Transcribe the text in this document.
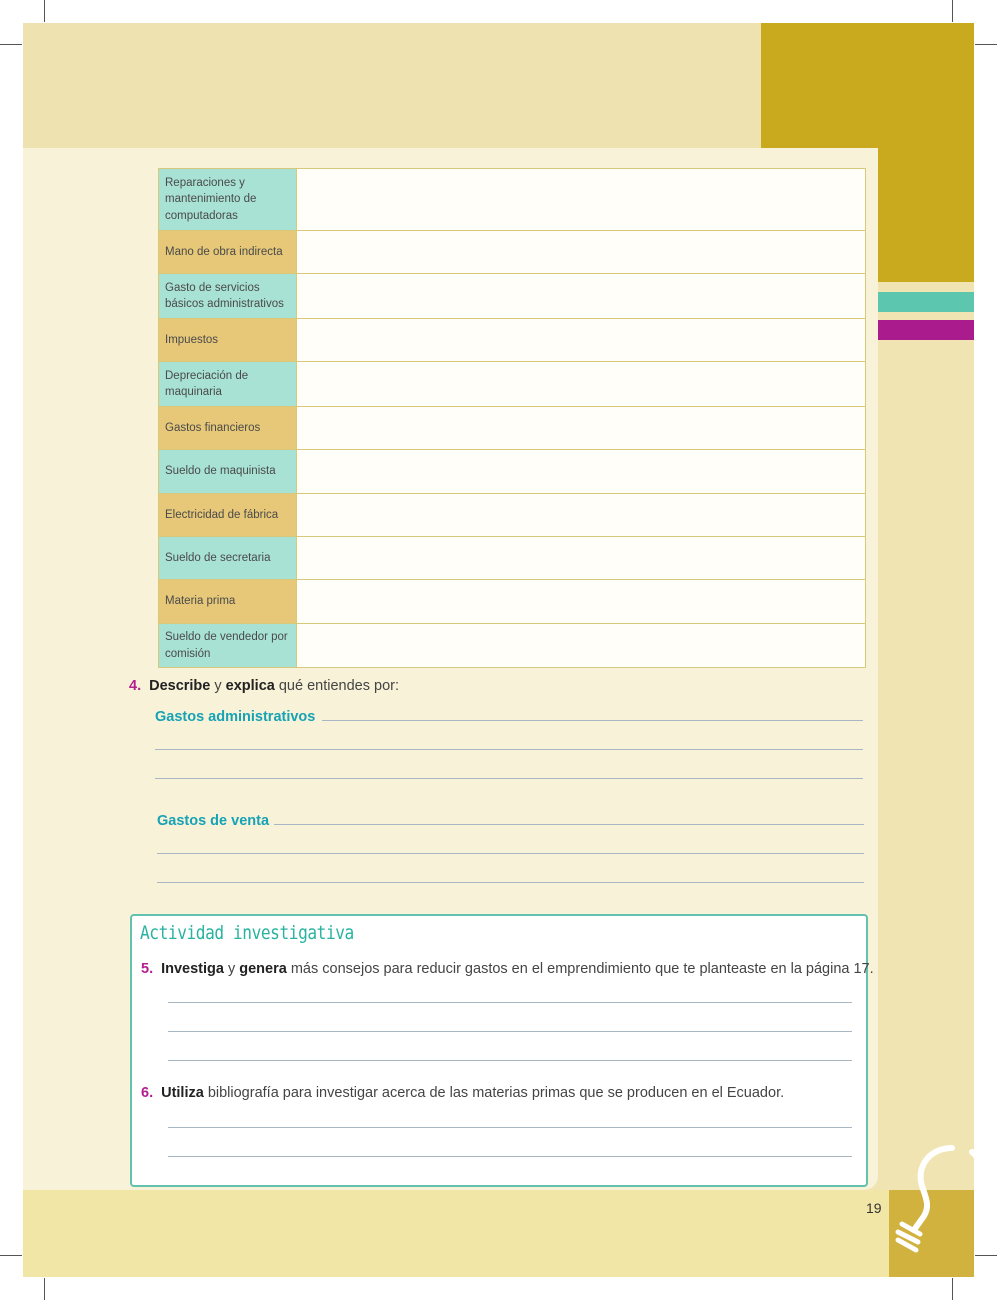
Reparaciones y mantenimiento de computadoras	
Mano de obra indirecta	
Gasto de servicios básicos administrativos	
Impuestos	
Depreciación de maquinaria	
Gastos financieros	
Sueldo de maquinista	
Electricidad de fábrica	
Sueldo de secretaria	
Materia prima	
Sueldo de vendedor por comisión	
4. Describe y explica qué entiendes por:
Gastos administrativos
Gastos de venta
Actividad investigativa
5. Investiga y genera más consejos para reducir gastos en el emprendimiento que te planteaste en la página 17.
6. Utiliza bibliografía para investigar acerca de las materias primas que se producen en el Ecuador.
19
